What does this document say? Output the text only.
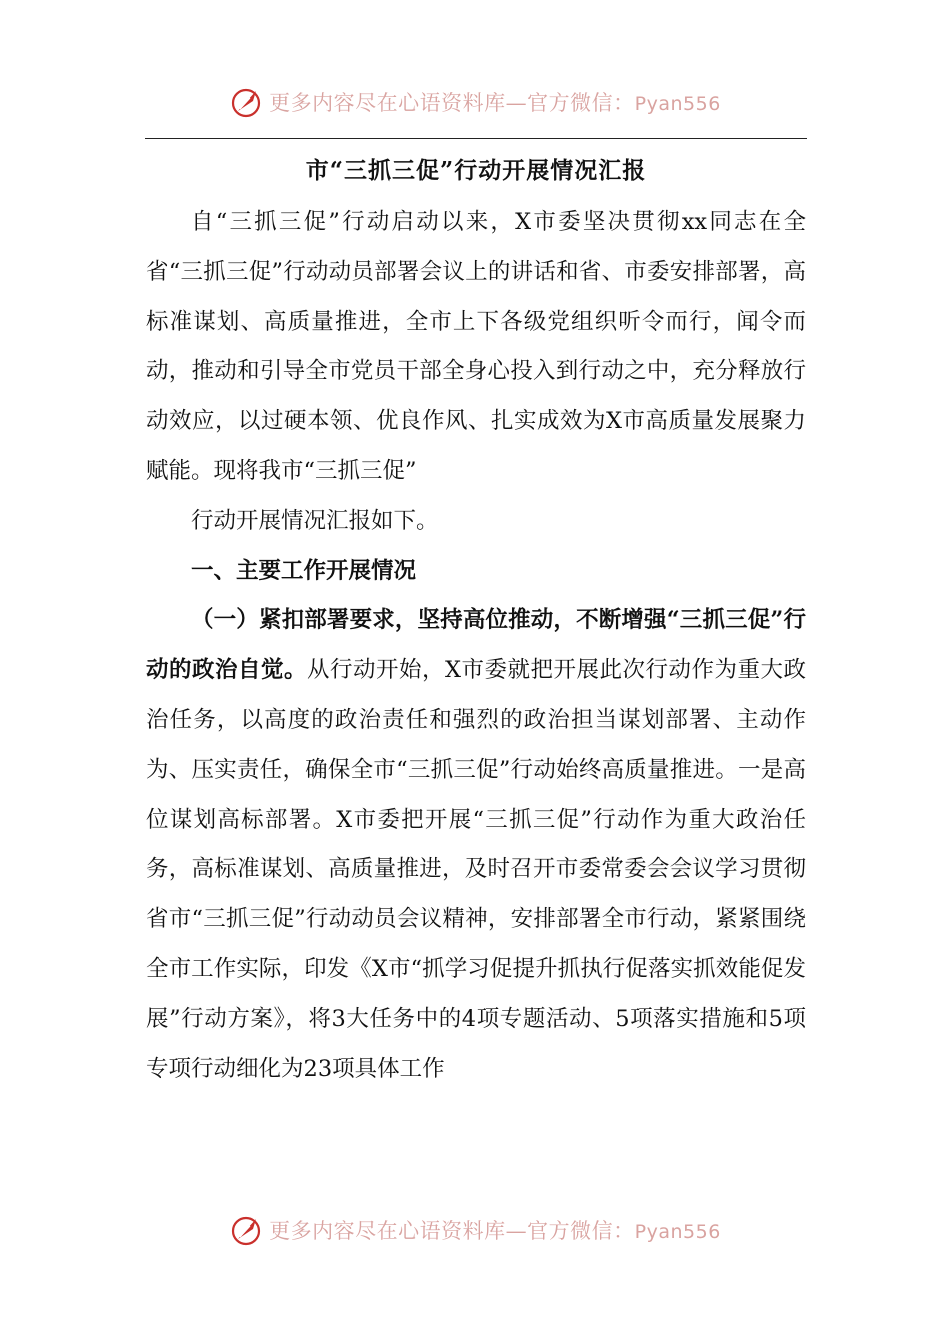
更多内容尽在心语资料库—官方微信：Pyan556
市“三抓三促”行动开展情况汇报

自“三抓三促”行动启动以来，X市委坚决贯彻xx同志在全省“三抓三促”行动动员部署会议上的讲话和省、市委安排部署，高标准谋划、高质量推进，全市上下各级党组织听令而行，闻令而动，推动和引导全市党员干部全身心投入到行动之中，充分释放行动效应，以过硬本领、优良作风、扎实成效为X市高质量发展聚力赋能。现将我市“三抓三促”

行动开展情况汇报如下。

一、主要工作开展情况

（一）紧扣部署要求，坚持高位推动，不断增强“三抓三促”行动的政治自觉。从行动开始，X市委就把开展此次行动作为重大政治任务，以高度的政治责任和强烈的政治担当谋划部署、主动作为、压实责任，确保全市“三抓三促”行动始终高质量推进。一是高位谋划高标部署。X市委把开展“三抓三促”行动作为重大政治任务，高标准谋划、高质量推进，及时召开市委常委会会议学习贯彻省市“三抓三促”行动动员会议精神，安排部署全市行动，紧紧围绕全市工作实际，印发《X市“抓学习促提升抓执行促落实抓效能促发展”行动方案》，将3大任务中的4项专题活动、5项落实措施和5项专项行动细化为23项具体工作

更多内容尽在心语资料库—官方微信：Pyan556
